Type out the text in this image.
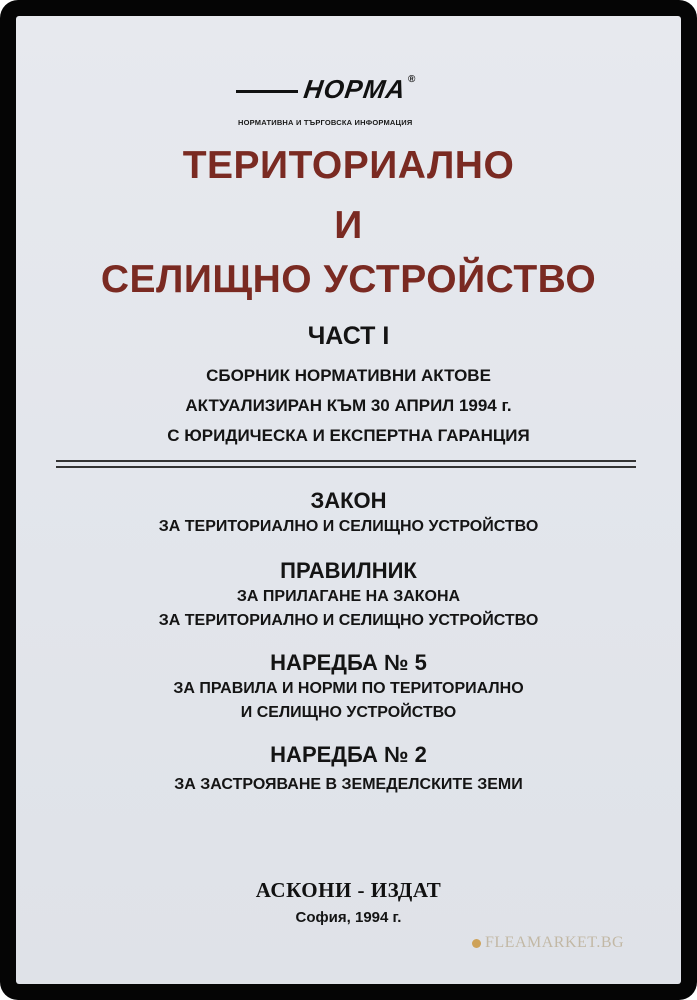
НОРМА ®
НОРМАТИВНА И ТЪРГОВСКА ИНФОРМАЦИЯ
ТЕРИТОРИАЛНО
И
СЕЛИЩНО УСТРОЙСТВО
ЧАСТ I
СБОРНИК НОРМАТИВНИ АКТОВЕ
АКТУАЛИЗИРАН КЪМ 30 АПРИЛ 1994 г.
С ЮРИДИЧЕСКА И ЕКСПЕРТНА ГАРАНЦИЯ
ЗАКОН
ЗА ТЕРИТОРИАЛНО И СЕЛИЩНО УСТРОЙСТВО
ПРАВИЛНИК
ЗА ПРИЛАГАНЕ НА ЗАКОНА
ЗА ТЕРИТОРИАЛНО И СЕЛИЩНО УСТРОЙСТВО
НАРЕДБА № 5
ЗА ПРАВИЛА И НОРМИ ПО ТЕРИТОРИАЛНО
И СЕЛИЩНО УСТРОЙСТВО
НАРЕДБА № 2
ЗА ЗАСТРОЯВАНЕ В ЗЕМЕДЕЛСКИТЕ ЗЕМИ
АСКОНИ - ИЗДАТ
София, 1994 г.
FLEAMARKET.BG
